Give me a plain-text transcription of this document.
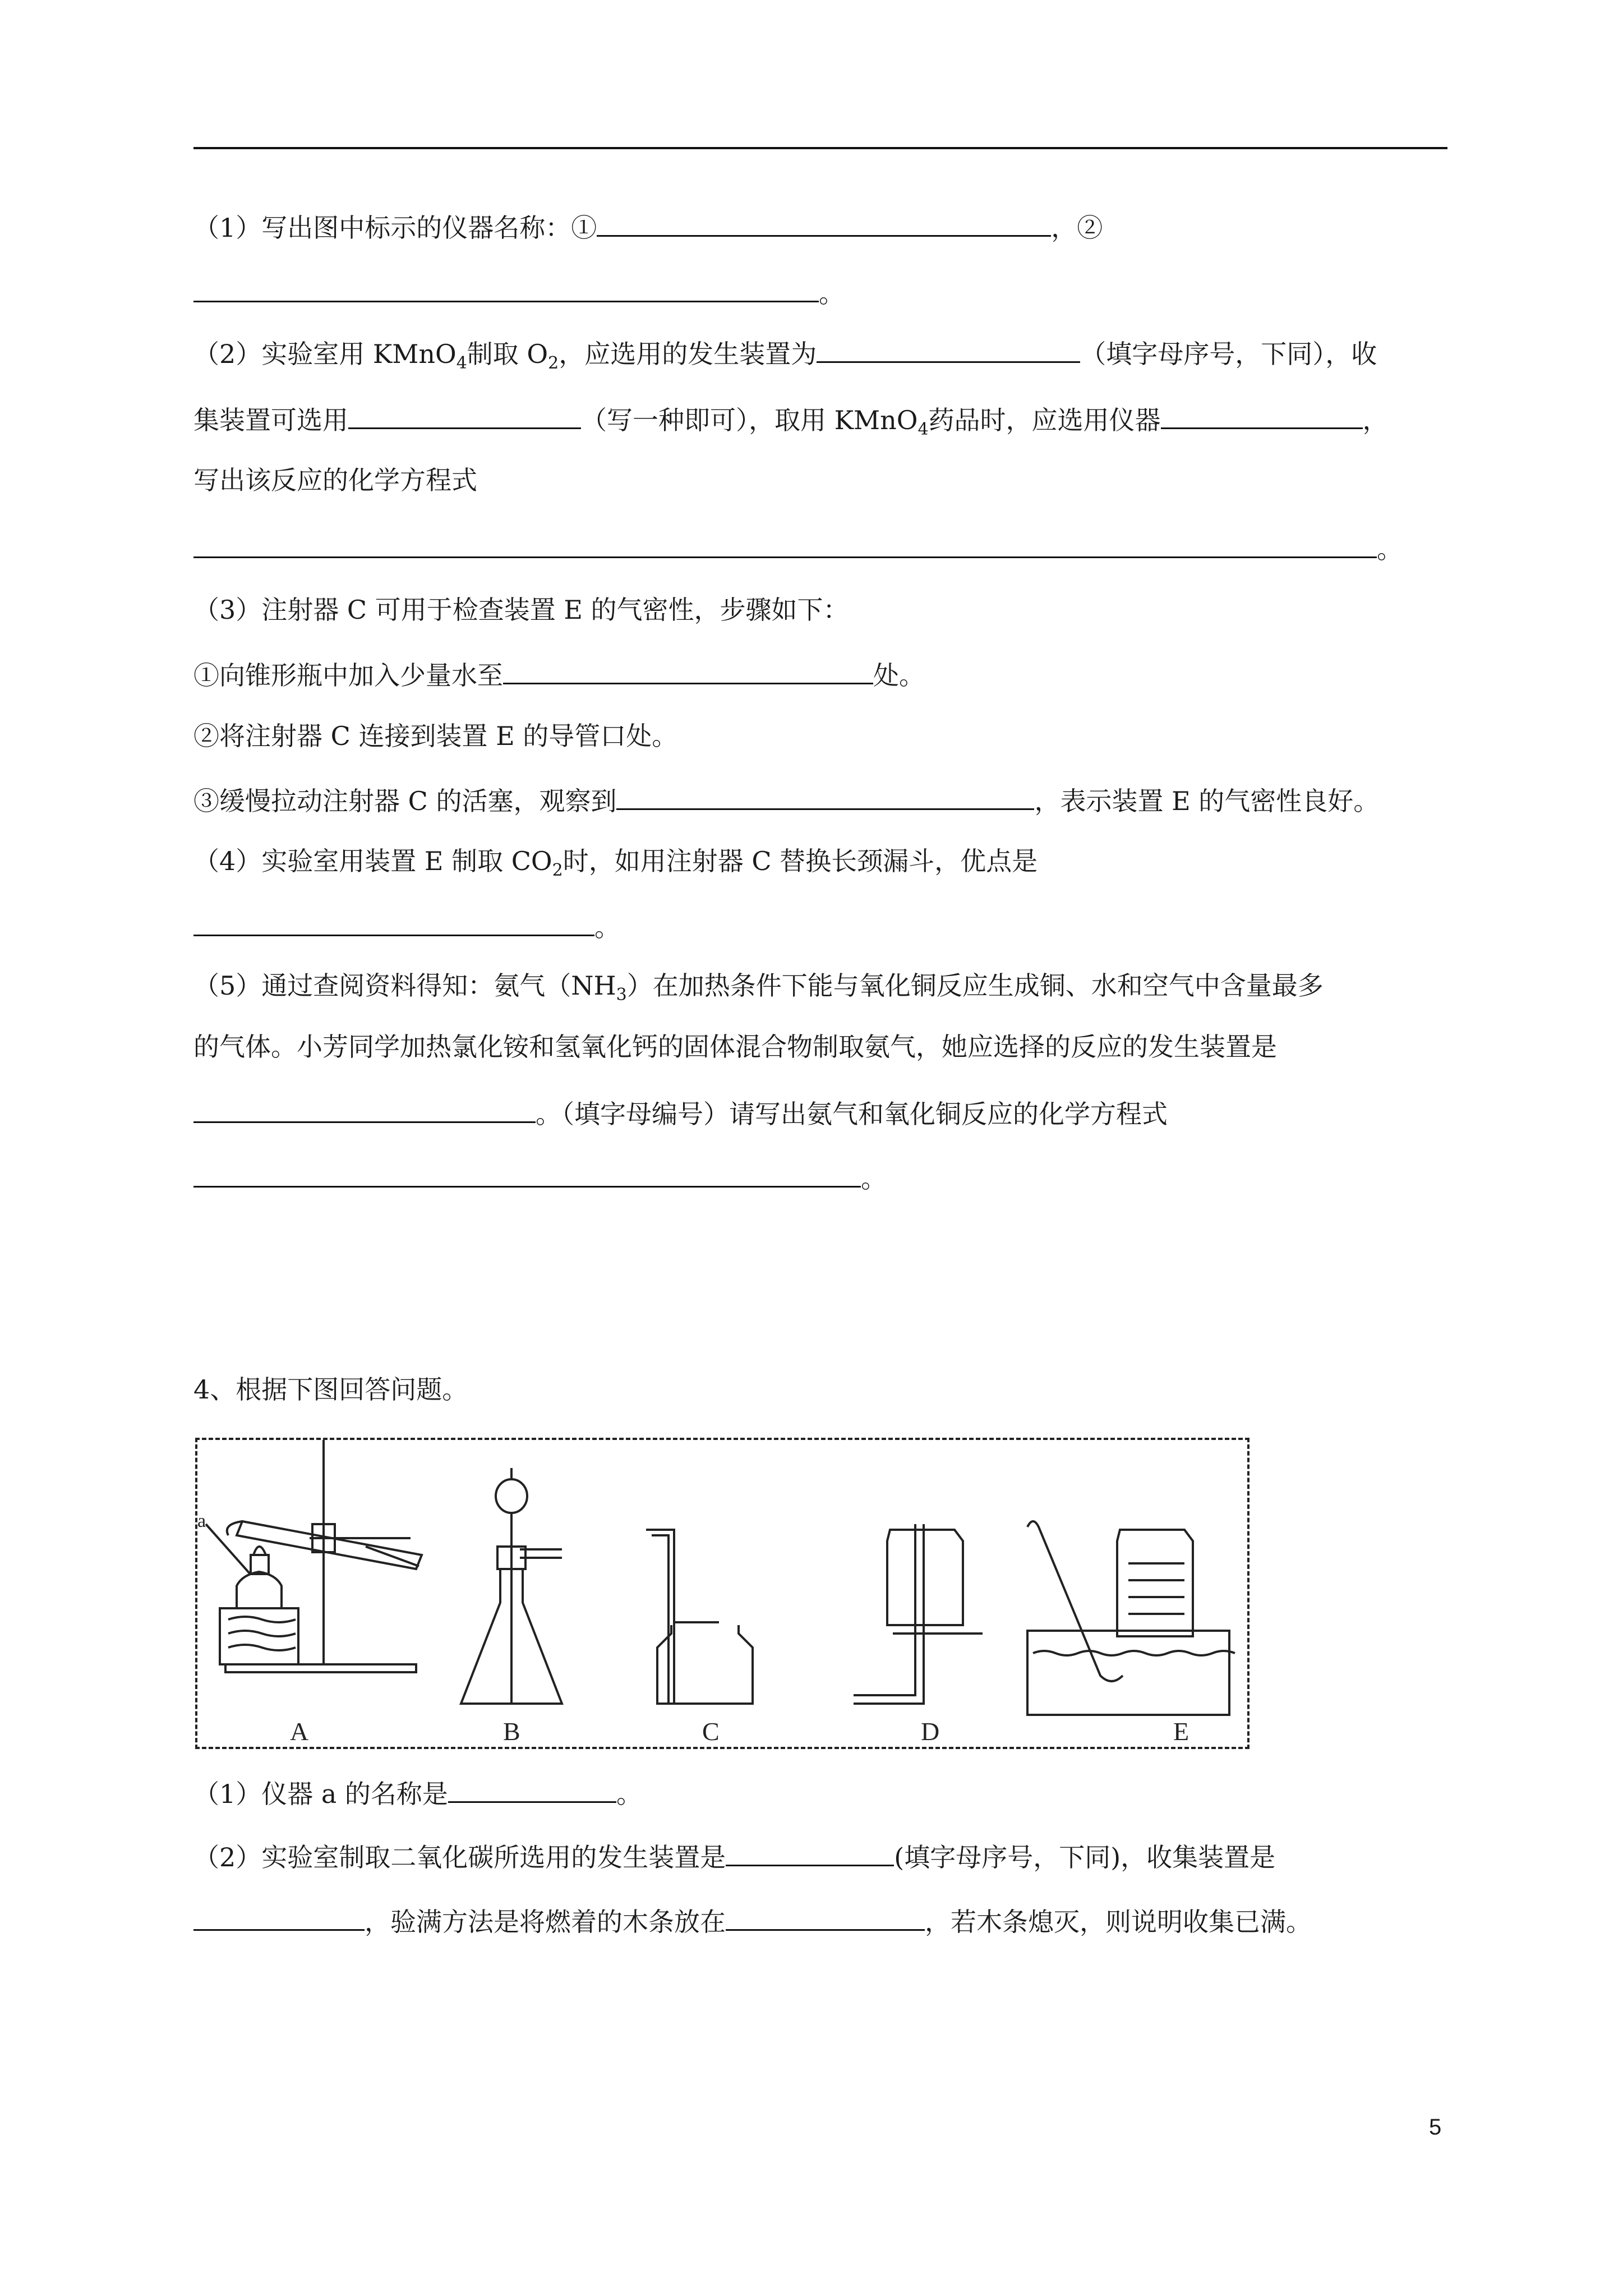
（1）写出图中标示的仪器名称：①	，②
。
（2）实验室用 KMnO$_4$制取 $O_2$，应选用的发生装置为	（填字母序号，下同），收
集装置可选用	（写一种即可），取用 KMnO$_4$药品时，应选用仪器	，
写出该反应的化学方程式
。
（3）注射器 C 可用于检查装置 E 的气密性，步骤如下：
①向锥形瓶中加入少量水至	处。
②将注射器 C 连接到装置 E 的导管口处。
③缓慢拉动注射器 C 的活塞，观察到	，表示装置 E 的气密性良好。
（4）实验室用装置 E 制取 $CO_2$时，如用注射器 C 替换长颈漏斗，优点是
。
（5）通过查阅资料得知：氨气$(NH_3)$在加热条件下能与氧化铜反应生成铜、水和空气中含量最多
的气体。小芳同学加热氯化铵和氢氧化钙的固体混合物制取氨气，她应选择的反应的发生装置是
。（填字母编号）请写出氨气和氧化铜反应的化学方程式
。
4、根据下图回答问题。
a
A	B	C	D	E
（1）仪器 a 的名称是	。
（2）实验室制取二氧化碳所选用的发生装置是	(填字母序号，下同)，收集装置是
，验满方法是将燃着的木条放在	，若木条熄灭，则说明收集已满。
5
